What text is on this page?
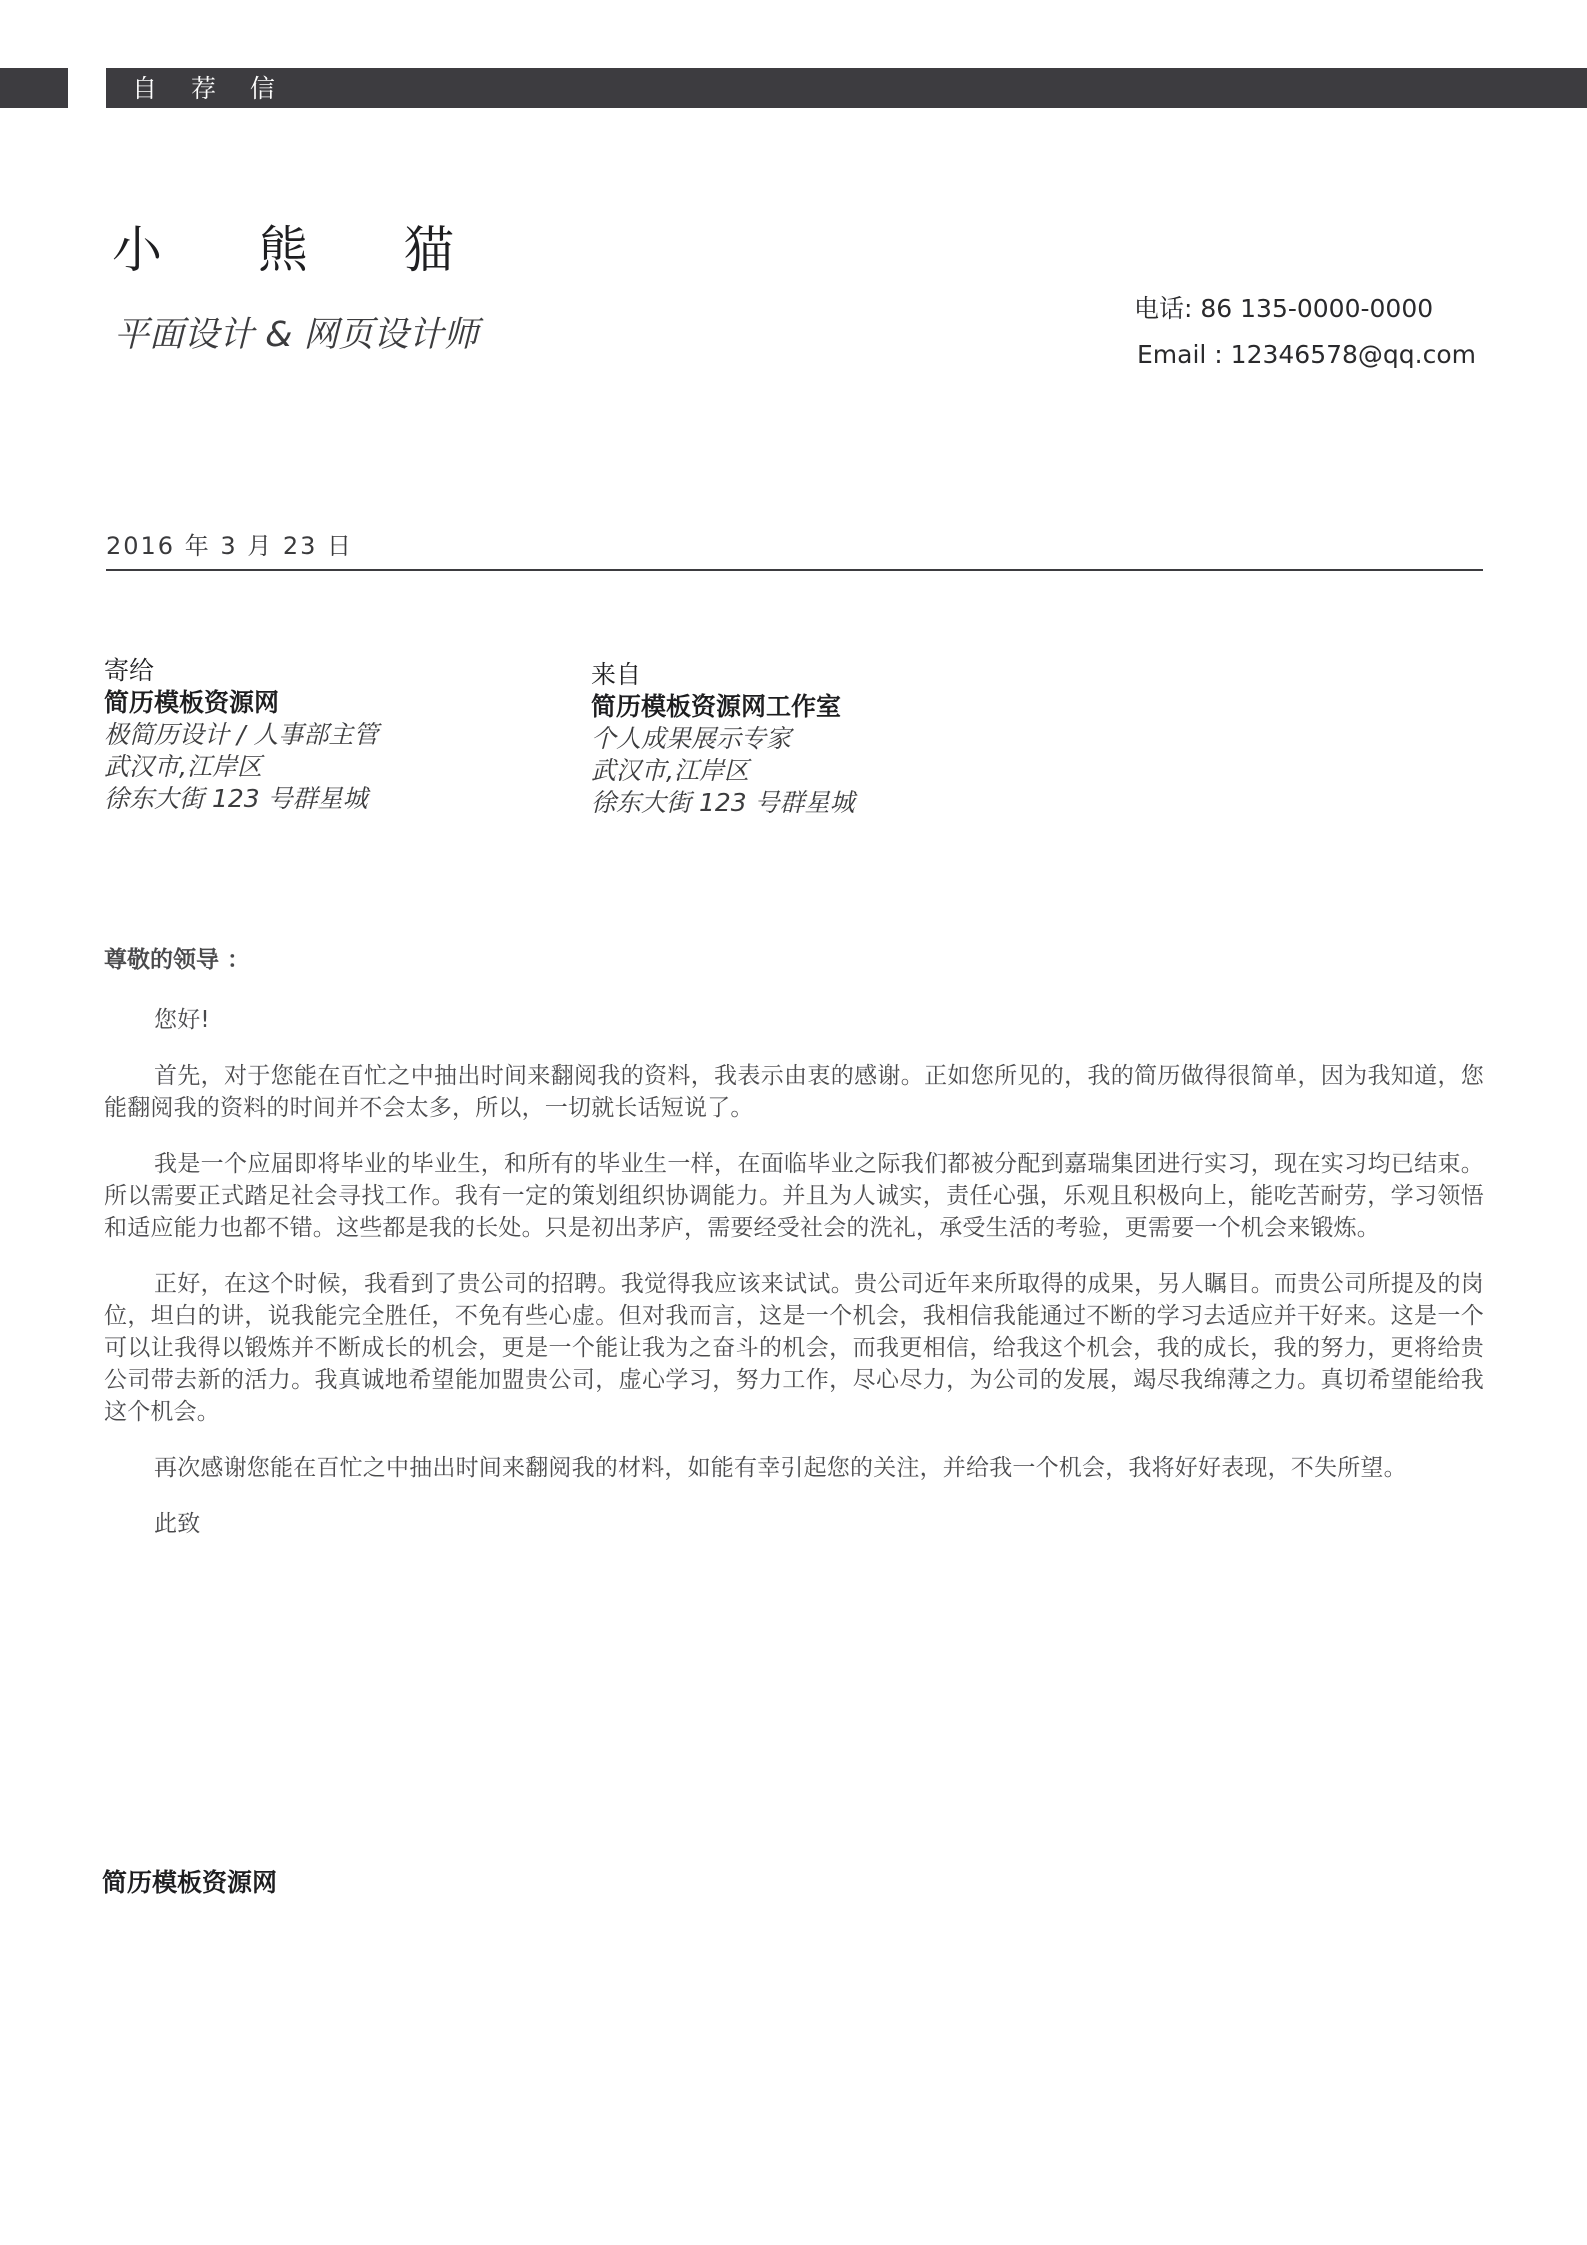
自 荐 信
小 熊 猫
平面设计 & 网页设计师
电话: 86 135-0000-0000
Email : 12346578@qq.com
2016 年 3 月 23 日
寄给
简历模板资源网
极简历设计 / 人事部主管
武汉市,江岸区
徐东大街 123 号群星城
来自
简历模板资源网工作室
个人成果展示专家
武汉市,江岸区
徐东大街 123 号群星城
尊敬的领导 ：

您好!

首先，对于您能在百忙之中抽出时间来翻阅我的资料，我表示由衷的感谢。正如您所见的，我的简历做得很简单，因为我知道，您能翻阅我的资料的时间并不会太多，所以，一切就长话短说了。

我是一个应届即将毕业的毕业生，和所有的毕业生一样，在面临毕业之际我们都被分配到嘉瑞集团进行实习，现在实习均已结束。所以需要正式踏足社会寻找工作。我有一定的策划组织协调能力。并且为人诚实，责任心强，乐观且积极向上，能吃苦耐劳，学习领悟和适应能力也都不错。这些都是我的长处。只是初出茅庐，需要经受社会的洗礼，承受生活的考验，更需要一个机会来锻炼。

正好，在这个时候，我看到了贵公司的招聘。我觉得我应该来试试。贵公司近年来所取得的成果，另人瞩目。而贵公司所提及的岗位，坦白的讲，说我能完全胜任，不免有些心虚。但对我而言，这是一个机会，我相信我能通过不断的学习去适应并干好来。这是一个可以让我得以锻炼并不断成长的机会，更是一个能让我为之奋斗的机会，而我更相信，给我这个机会，我的成长，我的努力，更将给贵公司带去新的活力。我真诚地希望能加盟贵公司，虚心学习，努力工作，尽心尽力，为公司的发展，竭尽我绵薄之力。真切希望能给我这个机会。

再次感谢您能在百忙之中抽出时间来翻阅我的材料，如能有幸引起您的关注，并给我一个机会，我将好好表现，不失所望。

此致

简历模板资源网
